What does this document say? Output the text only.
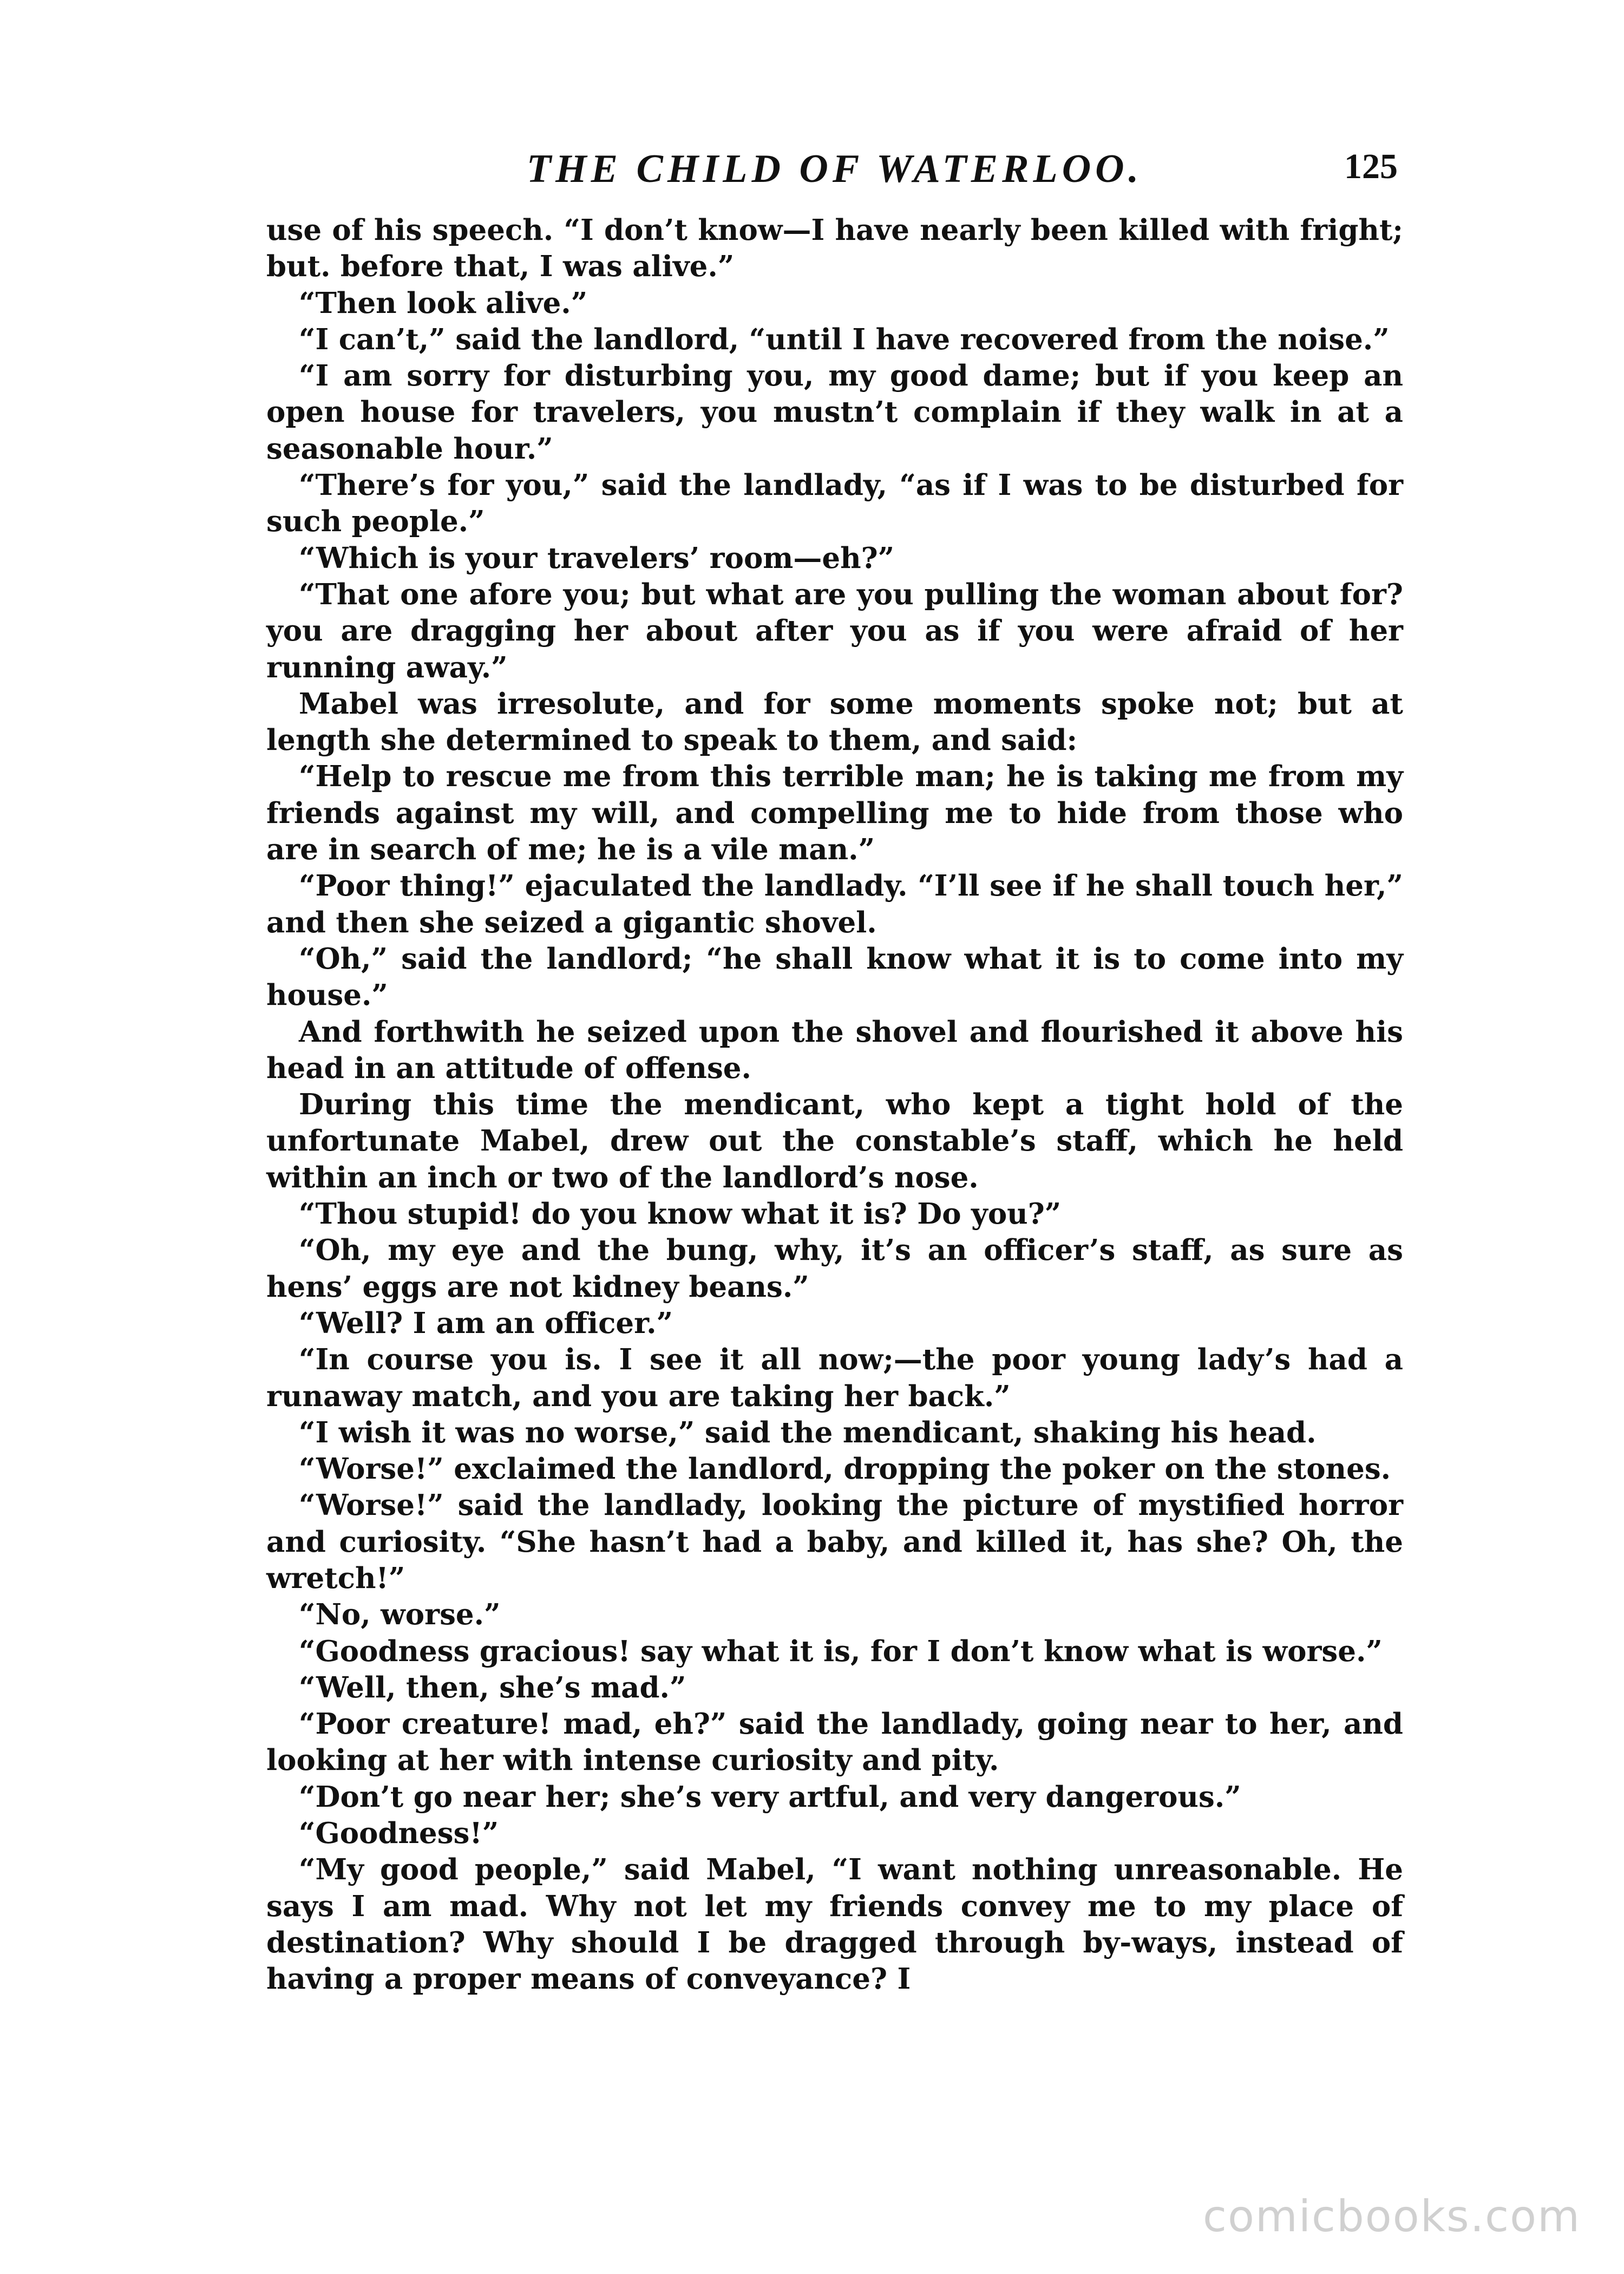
THE CHILD OF WATERLOO.	125

use of his speech. “I don’t know—I have nearly been killed with fright; but. before that, I was alive.”

“Then look alive.”

“I can’t,” said the landlord, “until I have recovered from the noise.”

“I am sorry for disturbing you, my good dame; but if you keep an open house for travelers, you mustn’t complain if they walk in at a seasonable hour.”

“There’s for you,” said the landlady, “as if I was to be disturbed for such people.”

“Which is your travelers’ room—eh?”

“That one afore you; but what are you pulling the woman about for? you are dragging her about after you as if you were afraid of her running away.”

Mabel was irresolute, and for some moments spoke not; but at length she determined to speak to them, and said:

“Help to rescue me from this terrible man; he is taking me from my friends against my will, and compelling me to hide from those who are in search of me; he is a vile man.”

“Poor thing!” ejaculated the landlady. “I’ll see if he shall touch her,” and then she seized a gigantic shovel.

“Oh,” said the landlord; “he shall know what it is to come into my house.”

And forthwith he seized upon the shovel and flourished it above his head in an attitude of offense.

During this time the mendicant, who kept a tight hold of the unfortunate Mabel, drew out the constable’s staff, which he held within an inch or two of the landlord’s nose.

“Thou stupid! do you know what it is? Do you?”

“Oh, my eye and the bung, why, it’s an officer’s staff, as sure as hens’ eggs are not kidney beans.”

“Well? I am an officer.”

“In course you is. I see it all now;—the poor young lady’s had a runaway match, and you are taking her back.”

“I wish it was no worse,” said the mendicant, shaking his head.

“Worse!” exclaimed the landlord, dropping the poker on the stones.

“Worse!” said the landlady, looking the picture of mystified horror and curiosity. “She hasn’t had a baby, and killed it, has she? Oh, the wretch!”

“No, worse.”

“Goodness gracious! say what it is, for I don’t know what is worse.”

“Well, then, she’s mad.”

“Poor creature! mad, eh?” said the landlady, going near to her, and looking at her with intense curiosity and pity.

“Don’t go near her; she’s very artful, and very dangerous.”

“Goodness!”

“My good people,” said Mabel, “I want nothing unreasonable. He says I am mad. Why not let my friends convey me to my place of destination? Why should I be dragged through by-ways, instead of having a proper means of conveyance? I

comicbooks.com
